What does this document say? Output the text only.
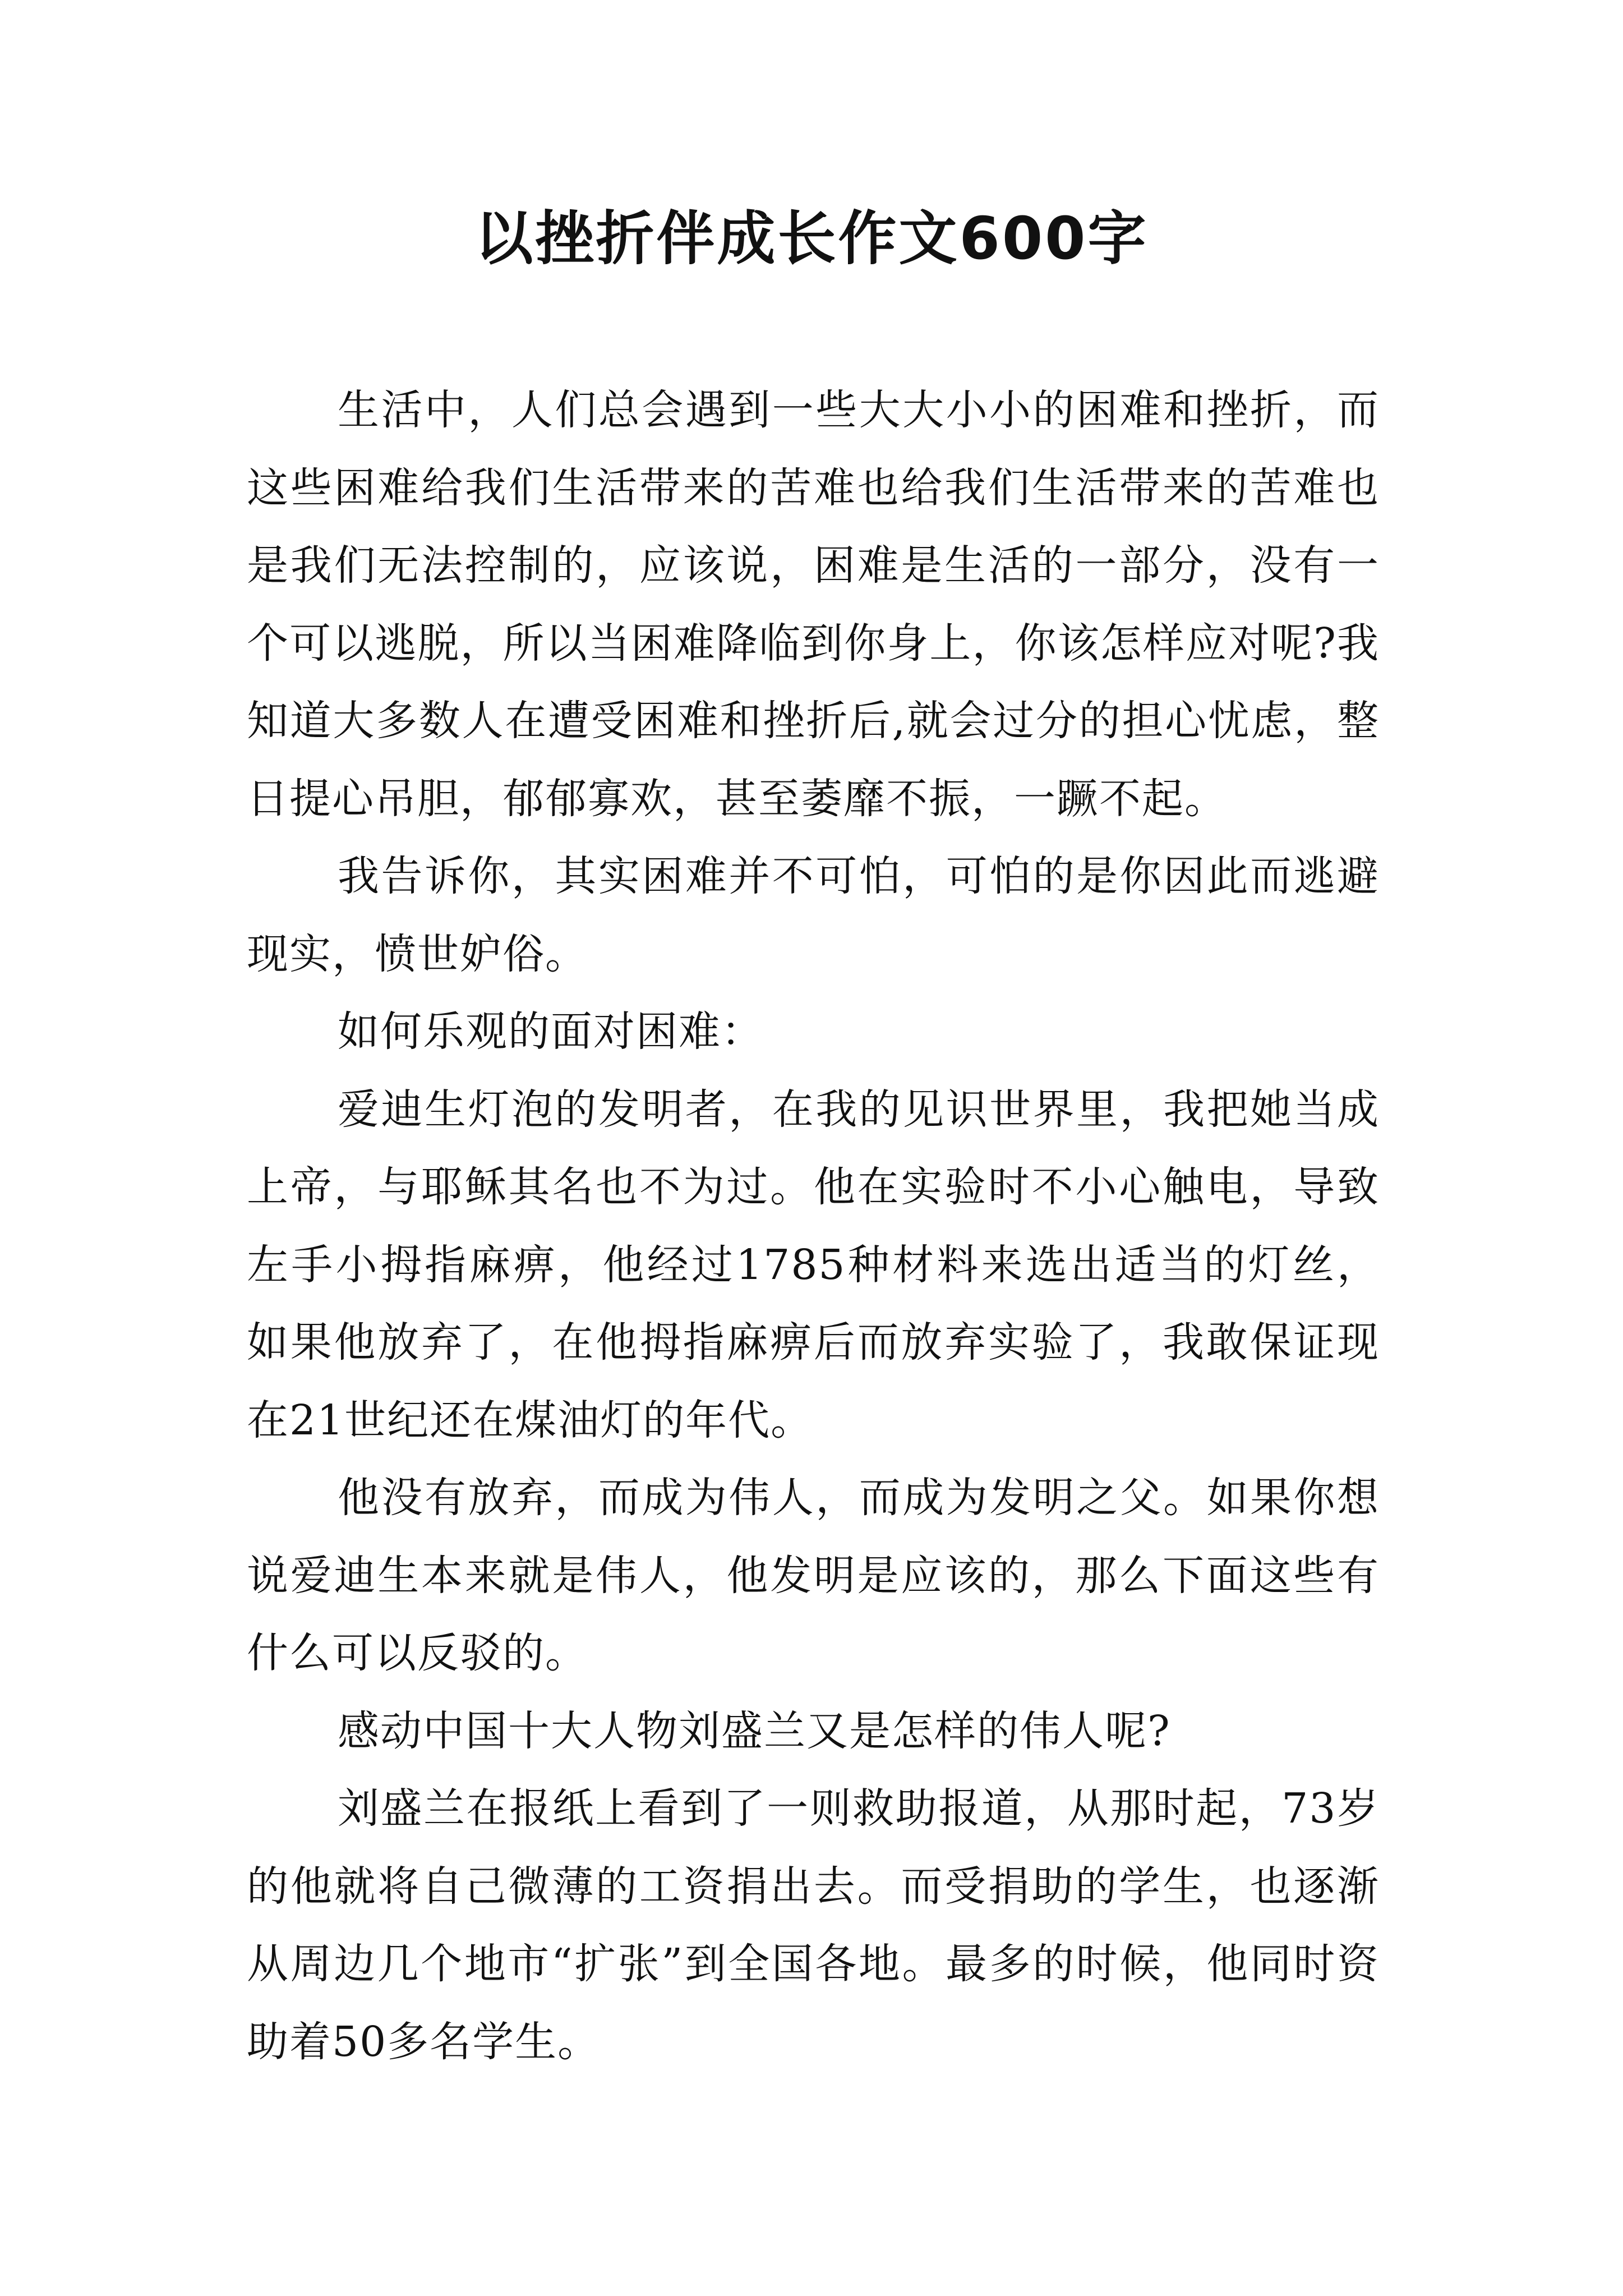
以挫折伴成长作文600字

生活中，人们总会遇到一些大大小小的困难和挫折，而这些困难给我们生活带来的苦难也给我们生活带来的苦难也是我们无法控制的，应该说，困难是生活的一部分，没有一个可以逃脱，所以当困难降临到你身上，你该怎样应对呢?我知道大多数人在遭受困难和挫折后,就会过分的担心忧虑，整日提心吊胆，郁郁寡欢，甚至萎靡不振，一蹶不起。

我告诉你，其实困难并不可怕，可怕的是你因此而逃避现实，愤世妒俗。

如何乐观的面对困难：

爱迪生灯泡的发明者，在我的见识世界里，我把她当成上帝，与耶稣其名也不为过。他在实验时不小心触电，导致左手小拇指麻痹，他经过1785种材料来选出适当的灯丝，如果他放弃了，在他拇指麻痹后而放弃实验了，我敢保证现在21世纪还在煤油灯的年代。

他没有放弃，而成为伟人，而成为发明之父。如果你想说爱迪生本来就是伟人，他发明是应该的，那么下面这些有什么可以反驳的。

感动中国十大人物刘盛兰又是怎样的伟人呢?

刘盛兰在报纸上看到了一则救助报道，从那时起，73岁的他就将自己微薄的工资捐出去。而受捐助的学生，也逐渐从周边几个地市“扩张”到全国各地。最多的时候，他同时资助着50多名学生。
